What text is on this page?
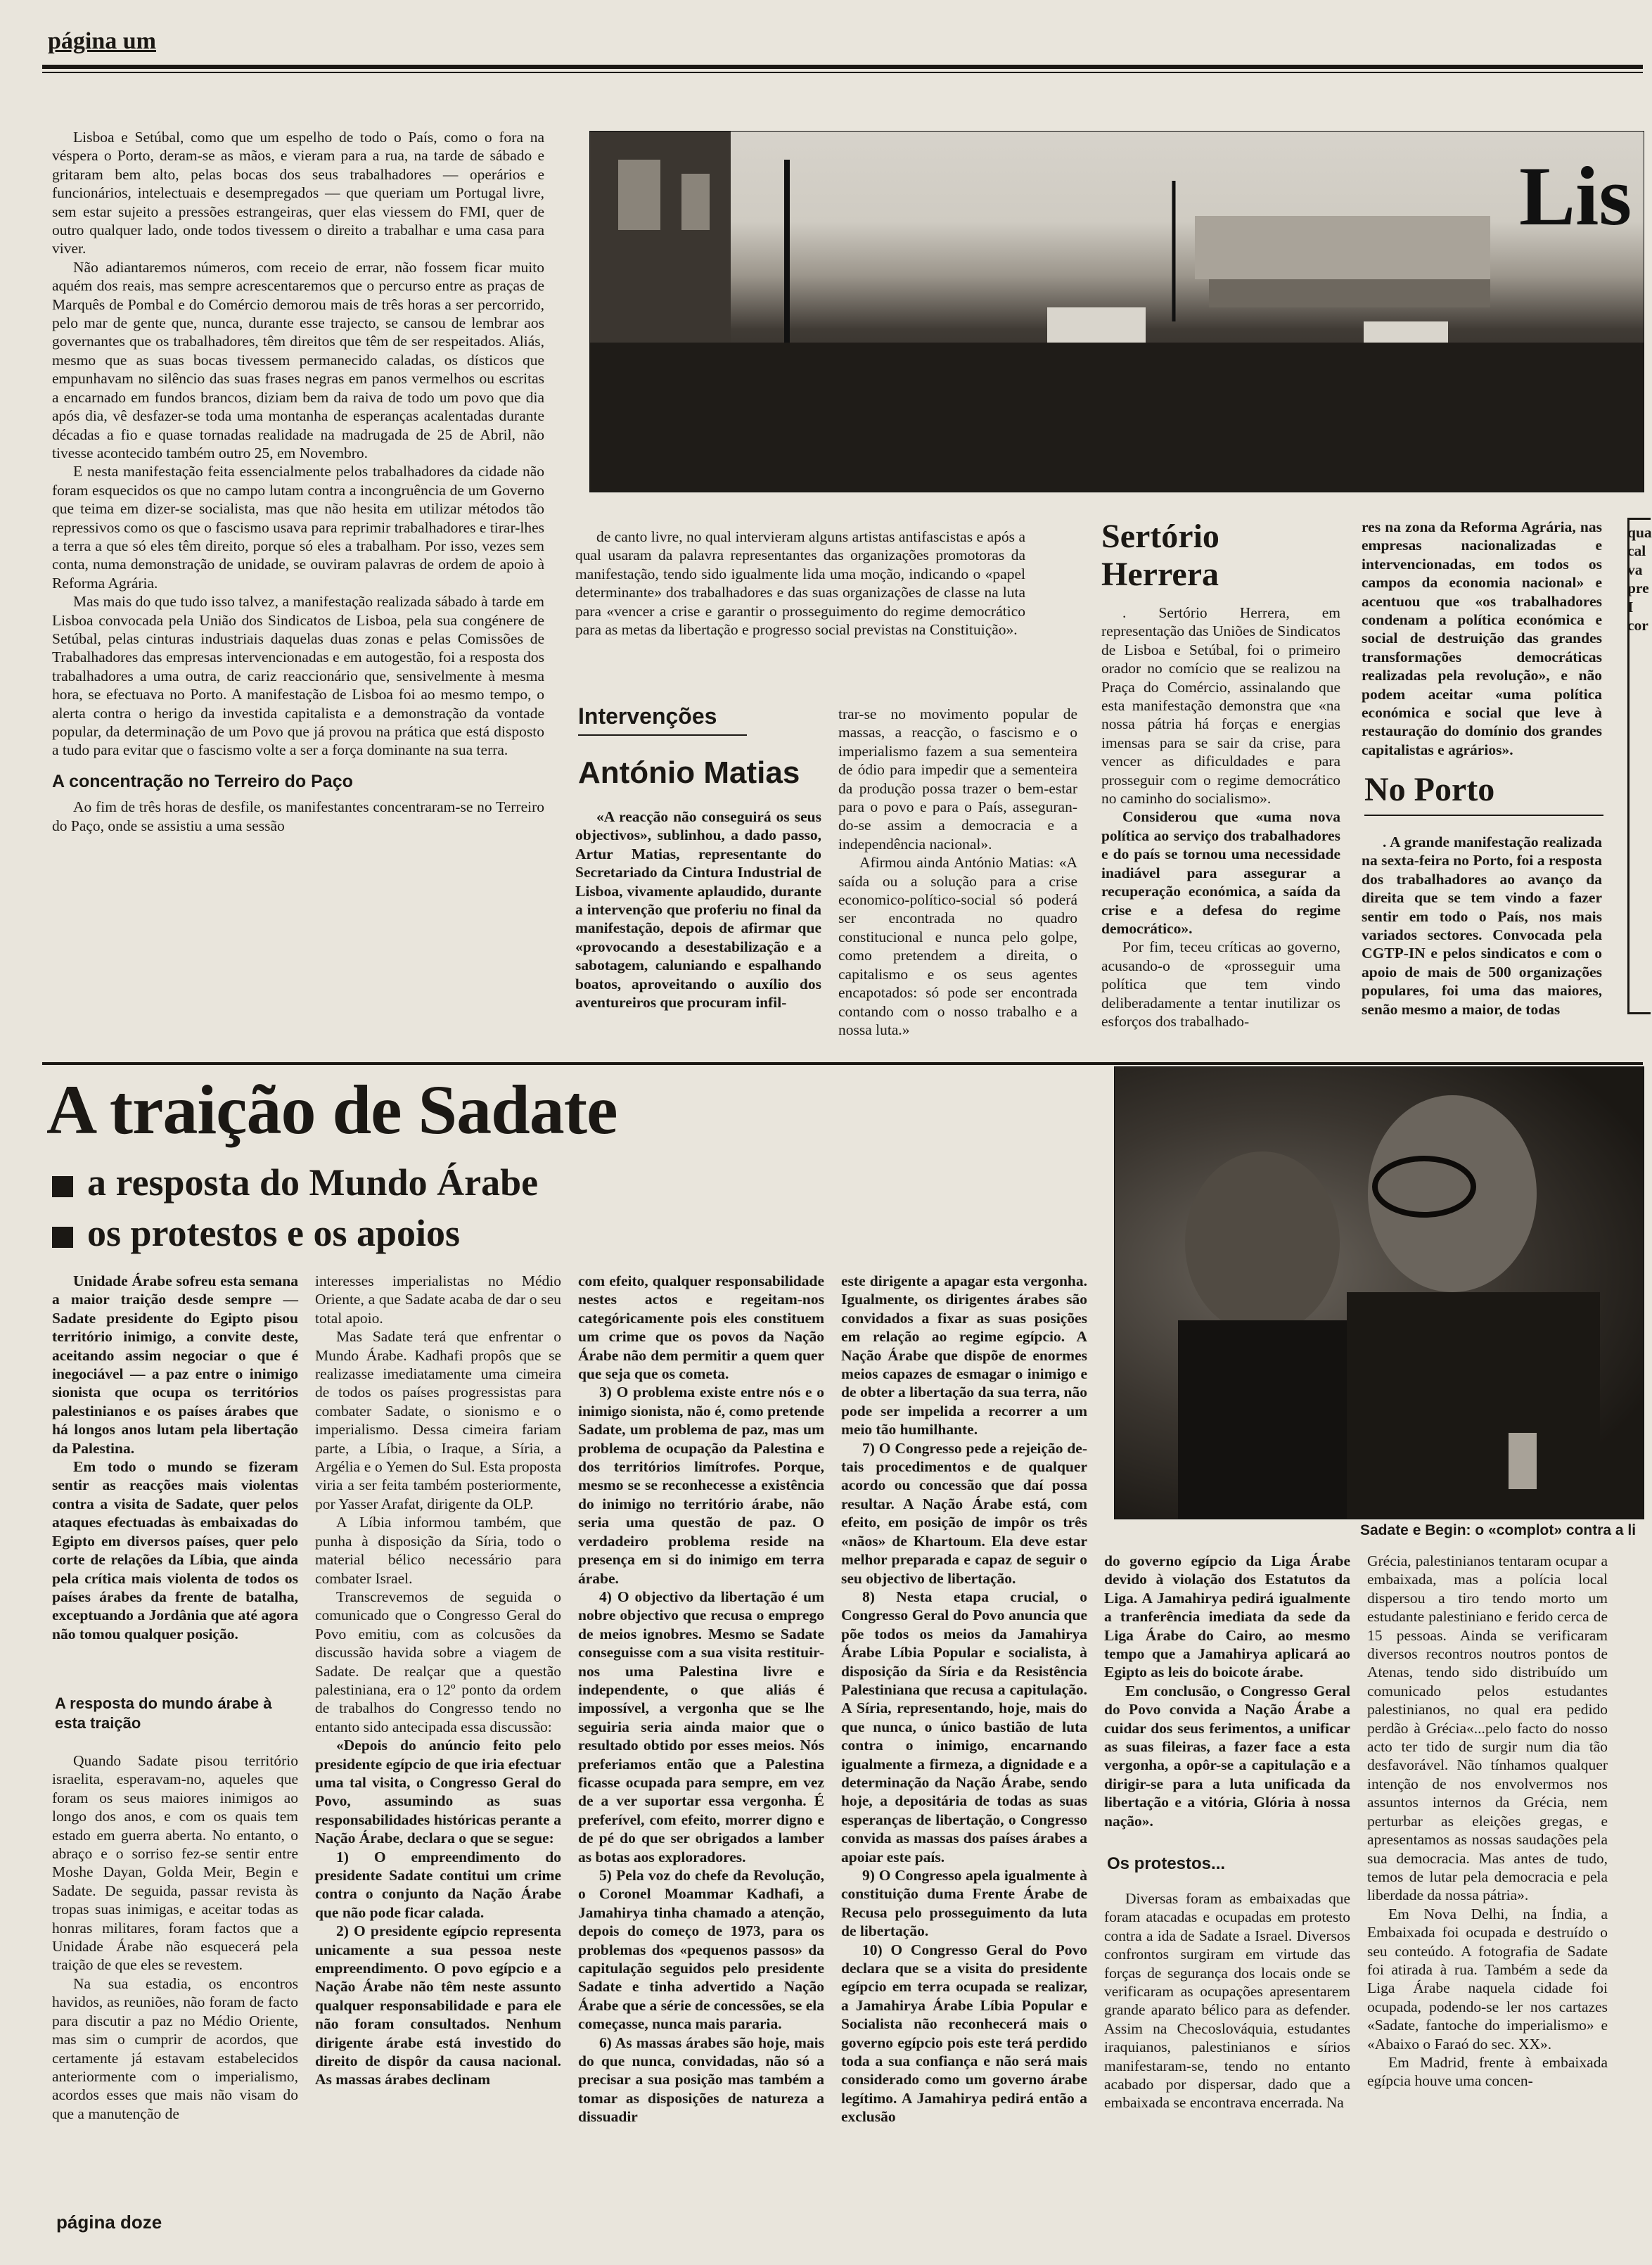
página um

Lisboa e Setúbal, como que um espelho de todo o País, como o fora na véspera o Porto, deram-se as mãos, e vieram para a rua, na tarde de sábado e gritaram bem alto, pelas bocas dos seus trabalhadores — operários e funcionários, intelectuais e desempregados — que queriam um Portugal livre, sem estar sujeito a pressões estrangeiras, quer elas viessem do FMI, quer de outro qualquer lado, onde todos tivessem o direito a trabalhar e uma casa para viver.

Não adiantaremos números, com receio de errar, não fossem ficar muito aquém dos reais, mas sempre acrescentaremos que o percurso entre as praças de Marquês de Pombal e do Comércio demorou mais de três horas a ser percorrido, pelo mar de gente que, nunca, durante esse trajecto, se cansou de lembrar aos governantes que os trabalhadores, têm direitos que têm de ser respeitados. Aliás, mesmo que as suas bocas tivessem permanecido caladas, os dísticos que empunhavam no silêncio das suas frases negras em panos vermelhos ou escritas a encarnado em fundos brancos, diziam bem da raiva de todo um povo que dia após dia, vê desfazer-se toda uma montanha de esperanças acalentadas durante décadas a fio e quase tornadas realidade na madrugada de 25 de Abril, não tivesse acontecido também outro 25, em Novembro.

E nesta manifestação feita essencialmente pelos trabalhadores da cidade não foram esquecidos os que no campo lutam contra a incongruência de um Governo que teima em dizer-se socialista, mas que não hesita em utilizar métodos tão repressivos como os que o fascismo usava para reprimir trabalhadores e tirar-lhes a terra a que só eles têm direito, porque só eles a trabalham. Por isso, vezes sem conta, numa demonstração de unidade, se ouviram palavras de ordem de apoio à Reforma Agrária.

Mas mais do que tudo isso talvez, a manifestação realizada sábado à tarde em Lisboa convocada pela União dos Sindicatos de Lisboa, pela sua congénere de Setúbal, pelas cinturas industriais daquelas duas zonas e pelas Comissões de Trabalhadores das empresas intervencionadas e em autogestão, foi a resposta dos trabalhadores a uma outra, de cariz reaccionário que, sensivelmente à mesma hora, se efectuava no Porto. A manifestação de Lisboa foi ao mesmo tempo, o alerta contra o herigo da investida capitalista e a demonstração da vontade popular, da determinação de um Povo que já provou na prática que está disposto a tudo para evitar que o fascismo volte a ser a força dominante na sua terra.

A concentração no Terreiro do Paço

Ao fim de três horas de desfile, os manifestantes concentraram-se no Terreiro do Paço, onde se assistiu a uma sessão

Lis

de canto livre, no qual intervieram alguns artistas antifascistas e após a qual usaram da palavra representantes das organizações promotoras da manifestação, tendo sido igualmente lida uma moção, indicando o «papel determinante» dos trabalhadores e das suas organizações de classe na luta para «vencer a crise e garantir o prosseguimento do regime democrático para as metas da libertação e progresso social previstas na Constituição».

Intervenções
António Matias

«A reacção não conseguirá os seus objectivos», sublinhou, a dado passo, Artur Matias, representante do Secretariado da Cintura Industrial de Lisboa, vivamente aplaudido, durante a intervenção que proferiu no final da manifestação, depois de afirmar que «provocando a desestabilização e a sabotagem, caluniando e espalhando boatos, aproveitando o auxílio dos aventureiros que procuram infil-

trar-se no movimento popular de massas, a reacção, o fascismo e o imperialismo fazem a sua sementeira de ódio para impedir que a sementeira da produção possa trazer o bem-estar para o povo e para o País, asseguran-do-se assim a democracia e a independência nacional».

Afirmou ainda António Matias: «A saída ou a solução para a crise economico-político-social só poderá ser encontrada no quadro constitucional e nunca pelo golpe, como pretendem a direita, o capitalismo e os seus agentes encapotados: só pode ser encontrada contando com o nosso trabalho e a nossa luta.»

Sertório Herrera

. Sertório Herrera, em representação das Uniões de Sindicatos de Lisboa e Setúbal, foi o primeiro orador no comício que se realizou na Praça do Comércio, assinalando que esta manifestação demonstra que «na nossa pátria há forças e energias imensas para se sair da crise, para vencer as dificuldades e para prosseguir com o regime democrático no caminho do socialismo».

Considerou que «uma nova política ao serviço dos trabalhadores e do país se tornou uma necessidade inadiável para assegurar a recuperação económica, a saída da crise e a defesa do regime democrático».

Por fim, teceu críticas ao governo, acusando-o de «prosseguir uma política que tem vindo deliberadamente a tentar inutilizar os esforços dos trabalhado-

res na zona da Reforma Agrária, nas empresas nacionalizadas e intervencionadas, em todos os campos da economia nacional» e acentuou que «os trabalhadores condenam a política económica e social de destruição das grandes transformações democráticas realizadas pela revolução», e não podem aceitar «uma política económica e social que leve à restauração do domínio dos grandes capitalistas e agrários».

No Porto

. A grande manifestação realizada na sexta-feira no Porto, foi a resposta dos trabalhadores ao avanço da direita que se tem vindo a fazer sentir em todo o País, nos mais variados sectores. Convocada pela CGTP-IN e pelos sindicatos e com o apoio de mais de 500 organizações populares, foi uma das maiores, senão mesmo a maior, de todas

qua
cal
va
pre
I
cor
A traição de Sadate
a resposta do Mundo Árabe
os protestos e os apoios
Sadate e Begin: o «complot» contra a li

Unidade Árabe sofreu esta semana a maior traição desde sempre — Sadate presidente do Egipto pisou território inimigo, a convite deste, aceitando assim negociar o que é inegociável — a paz entre o inimigo sionista que ocupa os territórios palestinianos e os países árabes que há longos anos lutam pela libertação da Palestina.

Em todo o mundo se fizeram sentir as reacções mais violentas contra a visita de Sadate, quer pelos ataques efectuadas às embaixadas do Egipto em diversos países, quer pelo corte de relações da Líbia, que ainda pela crítica mais violenta de todos os países árabes da frente de batalha, exceptuando a Jordânia que até agora não tomou qualquer posição.

A resposta do mundo árabe à esta traição

Quando Sadate pisou território israelita, esperavam-no, aqueles que foram os seus maiores inimigos ao longo dos anos, e com os quais tem estado em guerra aberta. No entanto, o abraço e o sorriso fez-se sentir entre Moshe Dayan, Golda Meir, Begin e Sadate. De seguida, passar revista às tropas suas inimigas, e aceitar todas as honras militares, foram factos que a Unidade Árabe não esquecerá pela traição de que eles se revestem.

Na sua estadia, os encontros havidos, as reuniões, não foram de facto para discutir a paz no Médio Oriente, mas sim o cumprir de acordos, que certamente já estavam estabelecidos anteriormente com o imperialismo, acordos esses que mais não visam do que a manutenção de

interesses imperialistas no Médio Oriente, a que Sadate acaba de dar o seu total apoio.

Mas Sadate terá que enfrentar o Mundo Árabe. Kadhafi propôs que se realizasse imediatamente uma cimeira de todos os países progressistas para combater Sadate, o sionismo e o imperialismo. Dessa cimeira fariam parte, a Líbia, o Iraque, a Síria, a Argélia e o Yemen do Sul. Esta proposta viria a ser feita também posteriormente, por Yasser Arafat, dirigente da OLP.

A Líbia informou também, que punha à disposição da Síria, todo o material bélico necessário para combater Israel.

Transcrevemos de seguida o comunicado que o Congresso Geral do Povo emitiu, com as colcusões da discussão havida sobre a viagem de Sadate. De realçar que a questão palestiniana, era o 12º ponto da ordem de trabalhos do Congresso tendo no entanto sido antecipada essa discussão:

«Depois do anúncio feito pelo presidente egípcio de que iria efectuar uma tal visita, o Congresso Geral do Povo, assumindo as suas responsabilidades históricas perante a Nação Árabe, declara o que se segue:

1) O empreendimento do presidente Sadate contitui um crime contra o conjunto da Nação Árabe que não pode ficar calada.

2) O presidente egípcio representa unicamente a sua pessoa neste empreendimento. O povo egípcio e a Nação Árabe não têm neste assunto qualquer responsabilidade e para ele não foram consultados. Nenhum dirigente árabe está investido do direito de dispôr da causa nacional. As massas árabes declinam

com efeito, qualquer responsabilidade nestes actos e regeitam-nos categóricamente pois eles constituem um crime que os povos da Nação Árabe não dem permitir a quem quer que seja que os cometa.

3) O problema existe entre nós e o inimigo sionista, não é, como pretende Sadate, um problema de paz, mas um problema de ocupação da Palestina e dos territórios limítrofes. Porque, mesmo se se reconhecesse a existência do inimigo no território árabe, não seria uma questão de paz. O verdadeiro problema reside na presença em si do inimigo em terra árabe.

4) O objectivo da libertação é um nobre objectivo que recusa o emprego de meios ignobres. Mesmo se Sadate conseguisse com a sua visita restituir-nos uma Palestina livre e independente, o que aliás é impossível, a vergonha que se lhe seguiria seria ainda maior que o resultado obtido por esses meios. Nós preferiamos então que a Palestina ficasse ocupada para sempre, em vez de a ver suportar essa vergonha. É preferível, com efeito, morrer digno e de pé do que ser obrigados a lamber as botas aos exploradores.

5) Pela voz do chefe da Revolução, o Coronel Moammar Kadhafi, a Jamahirya tinha chamado a atenção, depois do começo de 1973, para os problemas dos «pequenos passos» da capitulação seguidos pelo presidente Sadate e tinha advertido a Nação Árabe que a série de concessões, se ela começasse, nunca mais pararia.

6) As massas árabes são hoje, mais do que nunca, convidadas, não só a precisar a sua posição mas também a tomar as disposições de natureza a dissuadir

este dirigente a apagar esta vergonha. Igualmente, os dirigentes árabes são convidados a fixar as suas posições em relação ao regime egípcio. A Nação Árabe que dispõe de enormes meios capazes de esmagar o inimigo e de obter a libertação da sua terra, não pode ser impelida a recorrer a um meio tão humilhante.

7) O Congresso pede a rejeição de-tais procedimentos e de qualquer acordo ou concessão que daí possa resultar. A Nação Árabe está, com efeito, em posição de impôr os três «nãos» de Khartoum. Ela deve estar melhor preparada e capaz de seguir o seu objectivo de libertação.

8) Nesta etapa crucial, o Congresso Geral do Povo anuncia que põe todos os meios da Jamahirya Árabe Líbia Popular e socialista, à disposição da Síria e da Resistência Palestiniana que recusa a capitulação. A Síria, representando, hoje, mais do que nunca, o único bastião de luta contra o inimigo, encarnando igualmente a firmeza, a dignidade e a determinação da Nação Árabe, sendo hoje, a depositária de todas as suas esperanças de libertação, o Congresso convida as massas dos países árabes a apoiar este país.

9) O Congresso apela igualmente à constituição duma Frente Árabe de Recusa pelo prosseguimento da luta de libertação.

10) O Congresso Geral do Povo declara que se a visita do presidente egípcio em terra ocupada se realizar, a Jamahirya Árabe Líbia Popular e Socialista não reconhecerá mais o governo egípcio pois este terá perdido toda a sua confiança e não será mais considerado como um governo árabe legítimo. A Jamahirya pedirá então a exclusão

do governo egípcio da Liga Árabe devido à violação dos Estatutos da Liga. A Jamahirya pedirá igualmente a tranferência imediata da sede da Liga Árabe do Cairo, ao mesmo tempo que a Jamahirya aplicará ao Egipto as leis do boicote árabe.

Em conclusão, o Congresso Geral do Povo convida a Nação Árabe a cuidar dos seus ferimentos, a unificar as suas fileiras, a fazer face a esta vergonha, a opôr-se a capitulação e a dirigir-se para a luta unificada da libertação e a vitória, Glória à nossa nação».

Os protestos...

Diversas foram as embaixadas que foram atacadas e ocupadas em protesto contra a ida de Sadate a Israel. Diversos confrontos surgiram em virtude das forças de segurança dos locais onde se verificaram as ocupações apresentarem grande aparato bélico para as defender. Assim na Checoslováquia, estudantes iraquianos, palestinianos e sírios manifestaram-se, tendo no entanto acabado por dispersar, dado que a embaixada se encontrava encerrada. Na

Grécia, palestinianos tentaram ocupar a embaixada, mas a polícia local dispersou a tiro tendo morto um estudante palestiniano e ferido cerca de 15 pessoas. Ainda se verificaram diversos recontros noutros pontos de Atenas, tendo sido distribuído um comunicado pelos estudantes palestinianos, no qual era pedido perdão à Grécia«...pelo facto do nosso acto ter tido de surgir num dia tão desfavorável. Não tínhamos qualquer intenção de nos envolvermos nos assuntos internos da Grécia, nem perturbar as eleições gregas, e apresentamos as nossas saudações pela sua democracia. Mas antes de tudo, temos de lutar pela democracia e pela liberdade da nossa pátria».

Em Nova Delhi, na Índia, a Embaixada foi ocupada e destruído o seu conteúdo. A fotografia de Sadate foi atirada à rua. Também a sede da Liga Árabe naquela cidade foi ocupada, podendo-se ler nos cartazes «Sadate, fantoche do imperialismo» e «Abaixo o Faraó do sec. XX».

Em Madrid, frente à embaixada egípcia houve uma concen-

página doze
